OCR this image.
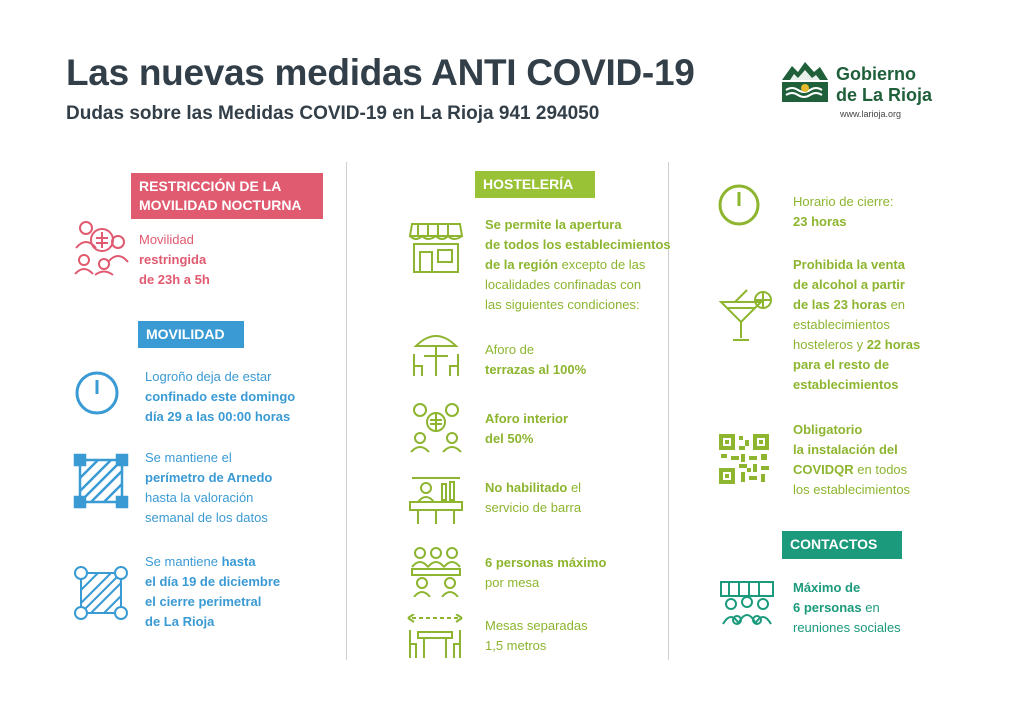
Las nuevas medidas ANTI COVID-19
Dudas sobre las Medidas COVID-19 en La Rioja 941 294050
Gobierno
de La Rioja
www.larioja.org
RESTRICCIÓN DE LA
MOVILIDAD NOCTURNA
Movilidad
restringida
de 23h a 5h
MOVILIDAD
Logroño deja de estar
confinado este domingo
día 29 a las 00:00 horas
Se mantiene el
perímetro de Arnedo
hasta la valoración
semanal de los datos
Se mantiene hasta
el día 19 de diciembre
el cierre perimetral
de La Rioja
HOSTELERÍA
Se permite la apertura
de todos los establecimientos
de la región excepto de las
localidades confinadas con
las siguientes condiciones:
Aforo de
terrazas al 100%
Aforo interior
del 50%
No habilitado el
servicio de barra
6 personas máximo
por mesa
Mesas separadas
1,5 metros
Horario de cierre:
23 horas
Prohibida la venta
de alcohol a partir
de las 23 horas en
establecimientos
hosteleros y 22 horas
para el resto de
establecimientos
Obligatorio
la instalación del
COVIDQR en todos
los establecimientos
CONTACTOS
Máximo de
6 personas en
reuniones sociales
